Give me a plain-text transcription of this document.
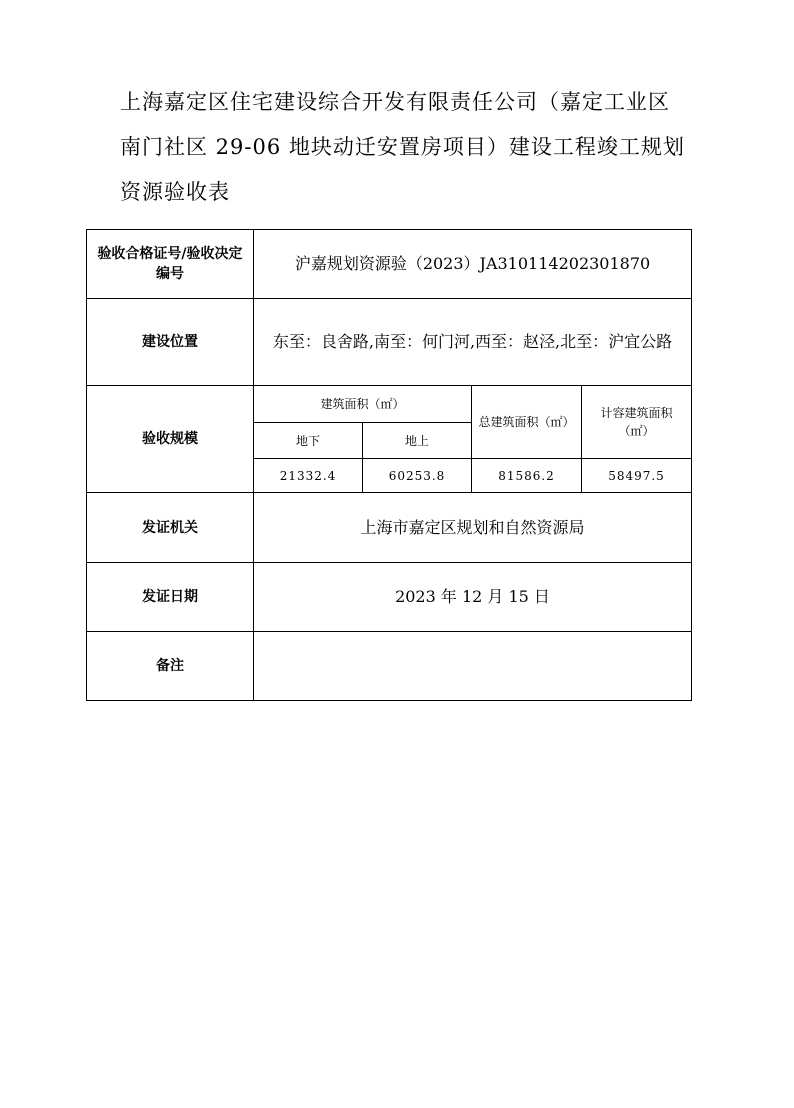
上海嘉定区住宅建设综合开发有限责任公司（嘉定工业区南门社区 29-06 地块动迁安置房项目）建设工程竣工规划资源验收表
验收合格证号/验收决定编号	沪嘉规划资源验（2023）JA310114202301870			
建设位置	东至：良舍路,南至：何门河,西至：赵泾,北至：沪宜公路			
验收规模	建筑面积（㎡）		总建筑面积（㎡）	计容建筑面积（㎡）
	地下	地上		
	21332.4	60253.8	81586.2	58497.5
发证机关	上海市嘉定区规划和自然资源局			
发证日期	2023 年 12 月 15 日			
备注				
